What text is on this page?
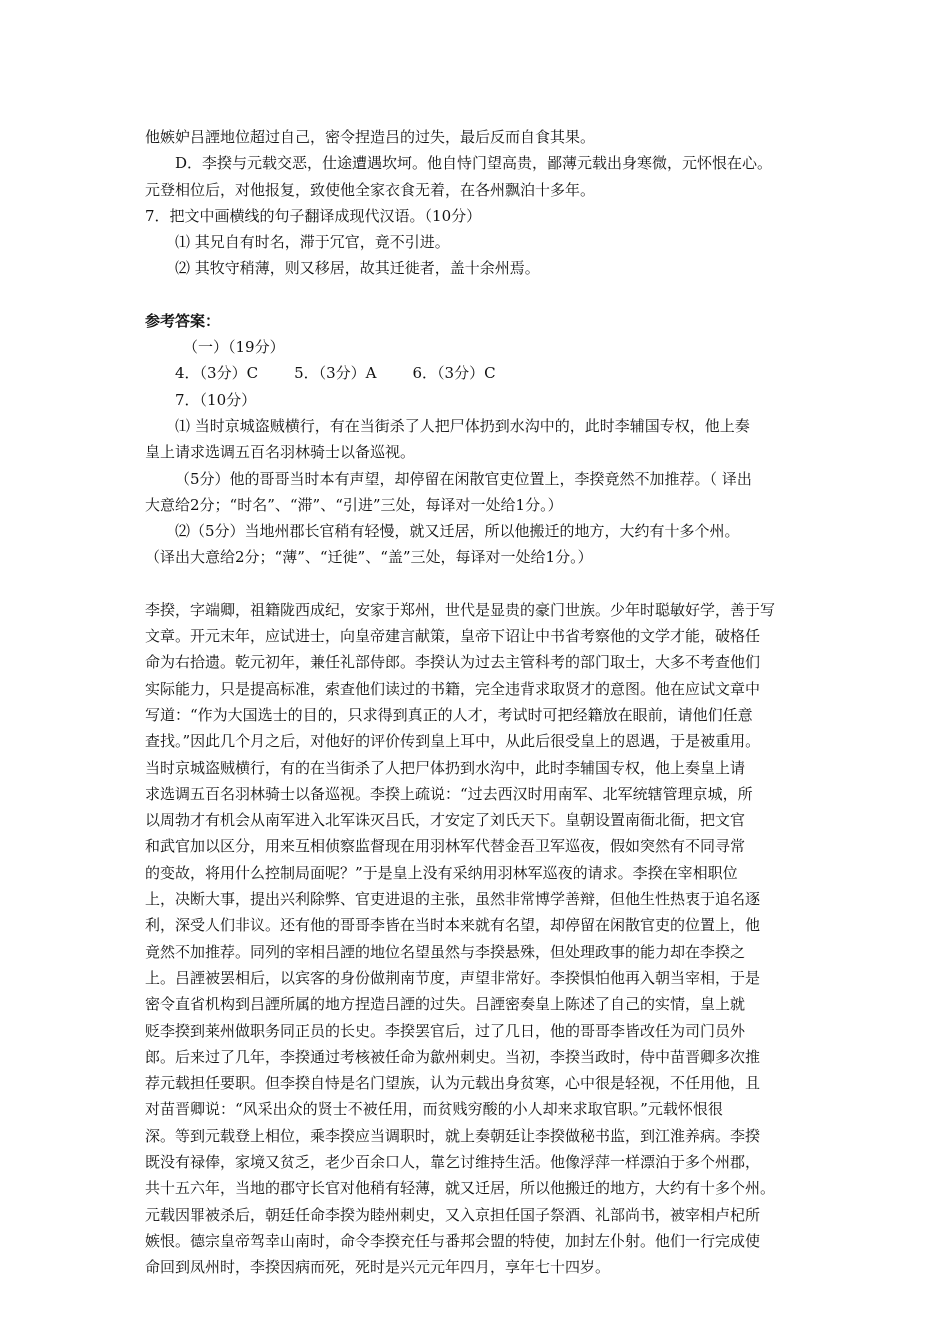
他嫉妒吕諲地位超过自己，密令捏造吕的过失，最后反而自食其果。
D．李揆与元载交恶，仕途遭遇坎坷。他自恃门望高贵，鄙薄元载出身寒微，元怀恨在心。
元登相位后，对他报复，致使他全家衣食无着，在各州飘泊十多年。
7．把文中画横线的句子翻译成现代汉语。（10分）
⑴ 其兄自有时名，滞于冗官，竟不引进。
⑵ 其牧守稍薄，则又移居，故其迁徙者，盖十余州焉。
参考答案：
（一）（19分）
4．（3分）C 5．（3分）A 6．（3分）C
7．（10分）
⑴ 当时京城盗贼横行，有在当街杀了人把尸体扔到水沟中的，此时李辅国专权，他上奏
皇上请求选调五百名羽林骑士以备巡视。
（5分）他的哥哥当时本有声望，却停留在闲散官吏位置上，李揆竟然不加推荐。（ 译出
大意给2分；“时名”、“滞”、“引进”三处，每译对一处给1分。）
⑵（5分）当地州郡长官稍有轻慢，就又迁居，所以他搬迁的地方，大约有十多个州。
（译出大意给2分；“薄”、“迁徙”、“盖”三处，每译对一处给1分。）
李揆，字端卿，祖籍陇西成纪，安家于郑州，世代是显贵的豪门世族。少年时聪敏好学，善于写
文章。开元末年，应试进士，向皇帝建言献策，皇帝下诏让中书省考察他的文学才能，破格任
命为右拾遗。乾元初年，兼任礼部侍郎。李揆认为过去主管科考的部门取士，大多不考查他们
实际能力，只是提高标准，索查他们读过的书籍，完全违背求取贤才的意图。他在应试文章中
写道：“作为大国选士的目的，只求得到真正的人才，考试时可把经籍放在眼前，请他们任意
查找。”因此几个月之后，对他好的评价传到皇上耳中，从此后很受皇上的恩遇，于是被重用。
当时京城盗贼横行，有的在当街杀了人把尸体扔到水沟中，此时李辅国专权，他上奏皇上请
求选调五百名羽林骑士以备巡视。李揆上疏说：“过去西汉时用南军、北军统辖管理京城，所
以周勃才有机会从南军进入北军诛灭吕氏，才安定了刘氏天下。皇朝设置南衙北衙，把文官
和武官加以区分，用来互相侦察监督现在用羽林军代替金吾卫军巡夜，假如突然有不同寻常
的变故，将用什么控制局面呢？”于是皇上没有采纳用羽林军巡夜的请求。李揆在宰相职位
上，决断大事，提出兴利除弊、官吏进退的主张，虽然非常博学善辩，但他生性热衷于追名逐
利，深受人们非议。还有他的哥哥李皆在当时本来就有名望，却停留在闲散官吏的位置上，他
竟然不加推荐。同列的宰相吕諲的地位名望虽然与李揆悬殊，但处理政事的能力却在李揆之
上。吕諲被罢相后，以宾客的身份做荆南节度，声望非常好。李揆惧怕他再入朝当宰相，于是
密令直省机构到吕諲所属的地方捏造吕諲的过失。吕諲密奏皇上陈述了自己的实情，皇上就
贬李揆到莱州做职务同正员的长史。李揆罢官后，过了几日，他的哥哥李皆改任为司门员外
郎。后来过了几年，李揆通过考核被任命为歙州刺史。当初，李揆当政时，侍中苗晋卿多次推
荐元载担任要职。但李揆自恃是名门望族，认为元载出身贫寒，心中很是轻视，不任用他，且
对苗晋卿说：“风采出众的贤士不被任用，而贫贱穷酸的小人却来求取官职。”元载怀恨很
深。等到元载登上相位，乘李揆应当调职时，就上奏朝廷让李揆做秘书监，到江淮养病。李揆
既没有禄俸，家境又贫乏，老少百余口人，靠乞讨维持生活。他像浮萍一样漂泊于多个州郡，
共十五六年，当地的郡守长官对他稍有轻薄，就又迁居，所以他搬迁的地方，大约有十多个州。
元载因罪被杀后，朝廷任命李揆为睦州刺史，又入京担任国子祭酒、礼部尚书，被宰相卢杞所
嫉恨。德宗皇帝驾幸山南时，命令李揆充任与番邦会盟的特使，加封左仆射。他们一行完成使
命回到凤州时，李揆因病而死，死时是兴元元年四月，享年七十四岁。
